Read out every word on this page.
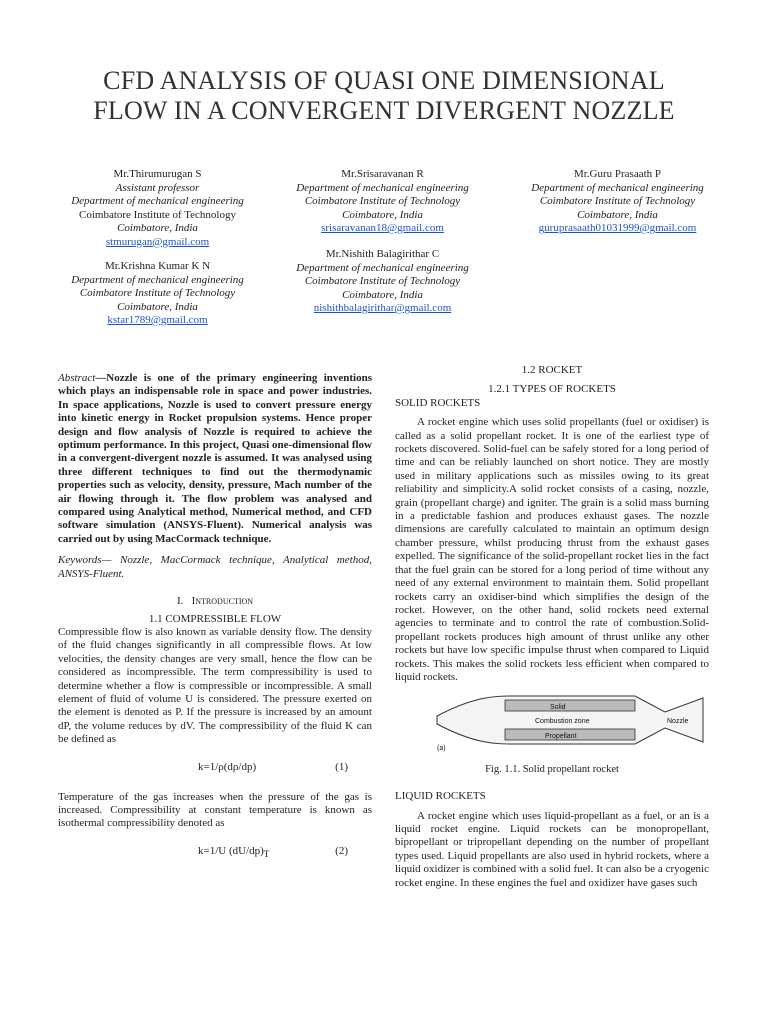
CFD ANALYSIS OF QUASI ONE DIMENSIONAL
FLOW IN A CONVERGENT DIVERGENT NOZZLE
Mr.Thirumurugan S
Assistant professor
Department of mechanical engineering
Coimbatore Institute of Technology
Coimbatore, India
stmurugan@gmail.com
Mr.Srisaravanan R
Department of mechanical engineering
Coimbatore Institute of Technology
Coimbatore, India
srisaravanan18@gmail.com
Mr.Guru Prasaath P
Department of mechanical engineering
Coimbatore Institute of Technology
Coimbatore, India
guruprasaath01031999@gmail.com
Mr.Krishna Kumar K N
Department of mechanical engineering
Coimbatore Institute of Technology
Coimbatore, India
kstar1789@gmail.com
Mr.Nishith Balagirithar C
Department of mechanical engineering
Coimbatore Institute of Technology
Coimbatore, India
nishithbalagirithar@gmail.com

Abstract—Nozzle is one of the primary engineering inventions which plays an indispensable role in space and power industries. In space applications, Nozzle is used to convert pressure energy into kinetic energy in Rocket propulsion systems. Hence proper design and flow analysis of Nozzle is required to achieve the optimum performance. In this project, Quasi one-dimensional flow in a convergent-divergent nozzle is assumed. It was analysed using three different techniques to find out the thermodynamic properties such as velocity, density, pressure, Mach number of the air flowing through it. The flow problem was analysed and compared using Analytical method, Numerical method, and CFD software simulation (ANSYS-Fluent). Numerical analysis was carried out by using MacCormack technique.

Keywords— Nozzle, MacCormack technique, Analytical method, ANSYS-Fluent.

I. Introduction

1.1 COMPRESSIBLE FLOW

Compressible flow is also known as variable density flow. The density of the fluid changes significantly in all compressible flows. At low velocities, the density changes are very small, hence the flow can be considered as incompressible. The term compressibility is used to determine whether a flow is compressible or incompressible. A small element of fluid of volume U is considered. The pressure exerted on the element is denoted as P. If the pressure is increased by an amount dP, the volume reduces by dV. The compressibility of the fluid K can be defined as

k=1/ρ(dρ/dp)	(1)

Temperature of the gas increases when the pressure of the gas is increased. Compressibility at constant temperature is known as isothermal compressibility denoted as

k=1/U $(dU/dp)_T$	(2)

1.2 ROCKET

1.2.1 TYPES OF ROCKETS

SOLID ROCKETS

A rocket engine which uses solid propellants (fuel or oxidiser) is called as a solid propellant rocket. It is one of the earliest type of rockets discovered. Solid-fuel can be safely stored for a long period of time and can be reliably launched on short notice. They are mostly used in military applications such as missiles owing to its great reliability and simplicity.A solid rocket consists of a casing, nozzle, grain (propellant charge) and igniter. The grain is a solid mass burning in a predictable fashion and produces exhaust gases. The nozzle dimensions are carefully calculated to maintain an optimum design chamber pressure, whilst producing thrust from the exhaust gases expelled. The significance of the solid-propellant rocket lies in the fact that the fuel grain can be stored for a long period of time without any need of any external environment to maintain them. Solid propellant rockets carry an oxidiser-bind which simplifies the design of the rocket. However, on the other hand, solid rockets need external agencies to terminate and to control the rate of combustion.Solid-propellant rockets produces high amount of thrust unlike any other rockets but have low specific impulse thrust when compared to Liquid rockets. This makes the solid rockets less efficient when compared to liquid rockets.

Solid
Combustion zone
Propellant
Nozzle
(a)

Fig. 1.1. Solid propellant rocket

LIQUID ROCKETS

A rocket engine which uses liquid-propellant as a fuel, or an is a liquid rocket engine. Liquid rockets can be monopropellant, bipropellant or tripropellant depending on the number of propellant types used. Liquid propellants are also used in hybrid rockets, where a liquid oxidizer is combined with a solid fuel. It can also be a cryogenic rocket engine. In these engines the fuel and oxidizer have gases such
